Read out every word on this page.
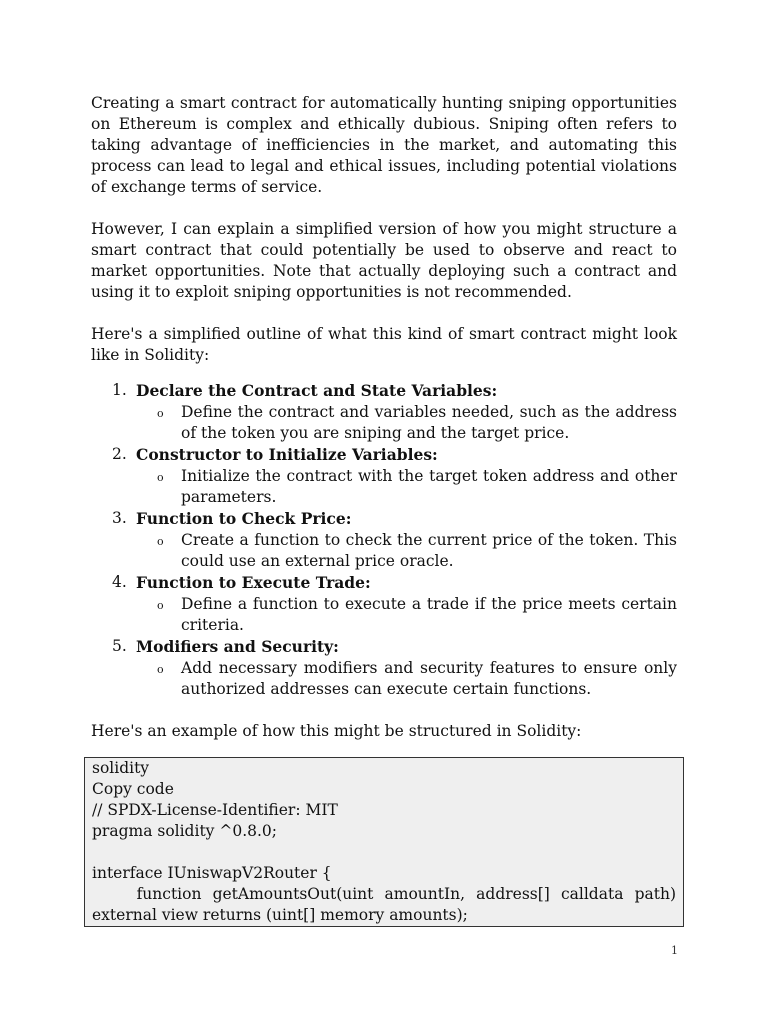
Creating a smart contract for automatically hunting sniping opportunities on Ethereum is complex and ethically dubious. Sniping often refers to taking advantage of inefficiencies in the market, and automating this process can lead to legal and ethical issues, including potential violations of exchange terms of service.

However, I can explain a simplified version of how you might structure a smart contract that could potentially be used to observe and react to market opportunities. Note that actually deploying such a contract and using it to exploit sniping opportunities is not recommended.

Here's a simplified outline of what this kind of smart contract might look like in Solidity:

1. Declare the Contract and State Variables:
o Define the contract and variables needed, such as the address of the token you are sniping and the target price.
2. Constructor to Initialize Variables:
o Initialize the contract with the target token address and other parameters.
3. Function to Check Price:
o Create a function to check the current price of the token. This could use an external price oracle.
4. Function to Execute Trade:
o Define a function to execute a trade if the price meets certain criteria.
5. Modifiers and Security:
o Add necessary modifiers and security features to ensure only authorized addresses can execute certain functions.

Here's an example of how this might be structured in Solidity:

solidity
Copy code
// SPDX-License-Identifier: MIT
pragma solidity ^0.8.0;
interface IUniswapV2Router {
function getAmountsOut(uint amountIn, address[] calldata path) external view returns (uint[] memory amounts);
1
